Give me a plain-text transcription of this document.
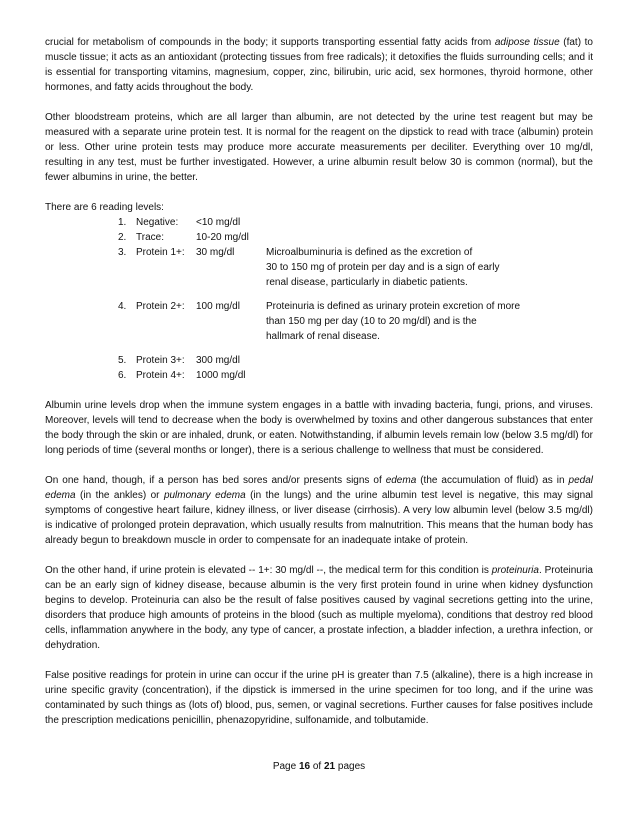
crucial for metabolism of compounds in the body; it supports transporting essential fatty acids from adipose tissue (fat) to muscle tissue; it acts as an antioxidant (protecting tissues from free radicals); it detoxifies the fluids surrounding cells; and it is essential for transporting vitamins, magnesium, copper, zinc, bilirubin, uric acid, sex hormones, thyroid hormone, other hormones, and fatty acids throughout the body.

Other bloodstream proteins, which are all larger than albumin, are not detected by the urine test reagent but may be measured with a separate urine protein test. It is normal for the reagent on the dipstick to read with trace (albumin) protein or less. Other urine protein tests may produce more accurate measurements per deciliter. Everything over 10 mg/dl, resulting in any test, must be further investigated. However, a urine albumin result below 30 is common (normal), but the fewer albumins in urine, the better.

There are 6 reading levels:

1. Negative:	<10 mg/dl
2. Trace:	10-20 mg/dl
3. Protein 1+:	30 mg/dl	Microalbuminuria is defined as the excretion of
30 to 150 mg of protein per day and is a sign of early
renal disease, particularly in diabetic patients.
4. Protein 2+:	100 mg/dl	Proteinuria is defined as urinary protein excretion of more
than 150 mg per day (10 to 20 mg/dl) and is the
hallmark of renal disease.
5. Protein 3+:	300 mg/dl
6. Protein 4+:	1000 mg/dl

Albumin urine levels drop when the immune system engages in a battle with invading bacteria, fungi, prions, and viruses. Moreover, levels will tend to decrease when the body is overwhelmed by toxins and other dangerous substances that enter the body through the skin or are inhaled, drunk, or eaten. Notwithstanding, if albumin levels remain low (below 3.5 mg/dl) for long periods of time (several months or longer), there is a serious challenge to wellness that must be considered.

On one hand, though, if a person has bed sores and/or presents signs of edema (the accumulation of fluid) as in pedal edema (in the ankles) or pulmonary edema (in the lungs) and the urine albumin test level is negative, this may signal symptoms of congestive heart failure, kidney illness, or liver disease (cirrhosis). A very low albumin level (below 3.5 mg/dl) is indicative of prolonged protein depravation, which usually results from malnutrition. This means that the human body has already begun to breakdown muscle in order to compensate for an inadequate intake of protein.

On the other hand, if urine protein is elevated -- 1+: 30 mg/dl --, the medical term for this condition is proteinuria. Proteinuria can be an early sign of kidney disease, because albumin is the very first protein found in urine when kidney dysfunction begins to develop. Proteinuria can also be the result of false positives caused by vaginal secretions getting into the urine, disorders that produce high amounts of proteins in the blood (such as multiple myeloma), conditions that destroy red blood cells, inflammation anywhere in the body, any type of cancer, a prostate infection, a bladder infection, a urethra infection, or dehydration.

False positive readings for protein in urine can occur if the urine pH is greater than 7.5 (alkaline), there is a high increase in urine specific gravity (concentration), if the dipstick is immersed in the urine specimen for too long, and if the urine was contaminated by such things as (lots of) blood, pus, semen, or vaginal secretions. Further causes for false positives include the prescription medications penicillin, phenazopyridine, sulfonamide, and tolbutamide.

Page 16 of 21 pages
